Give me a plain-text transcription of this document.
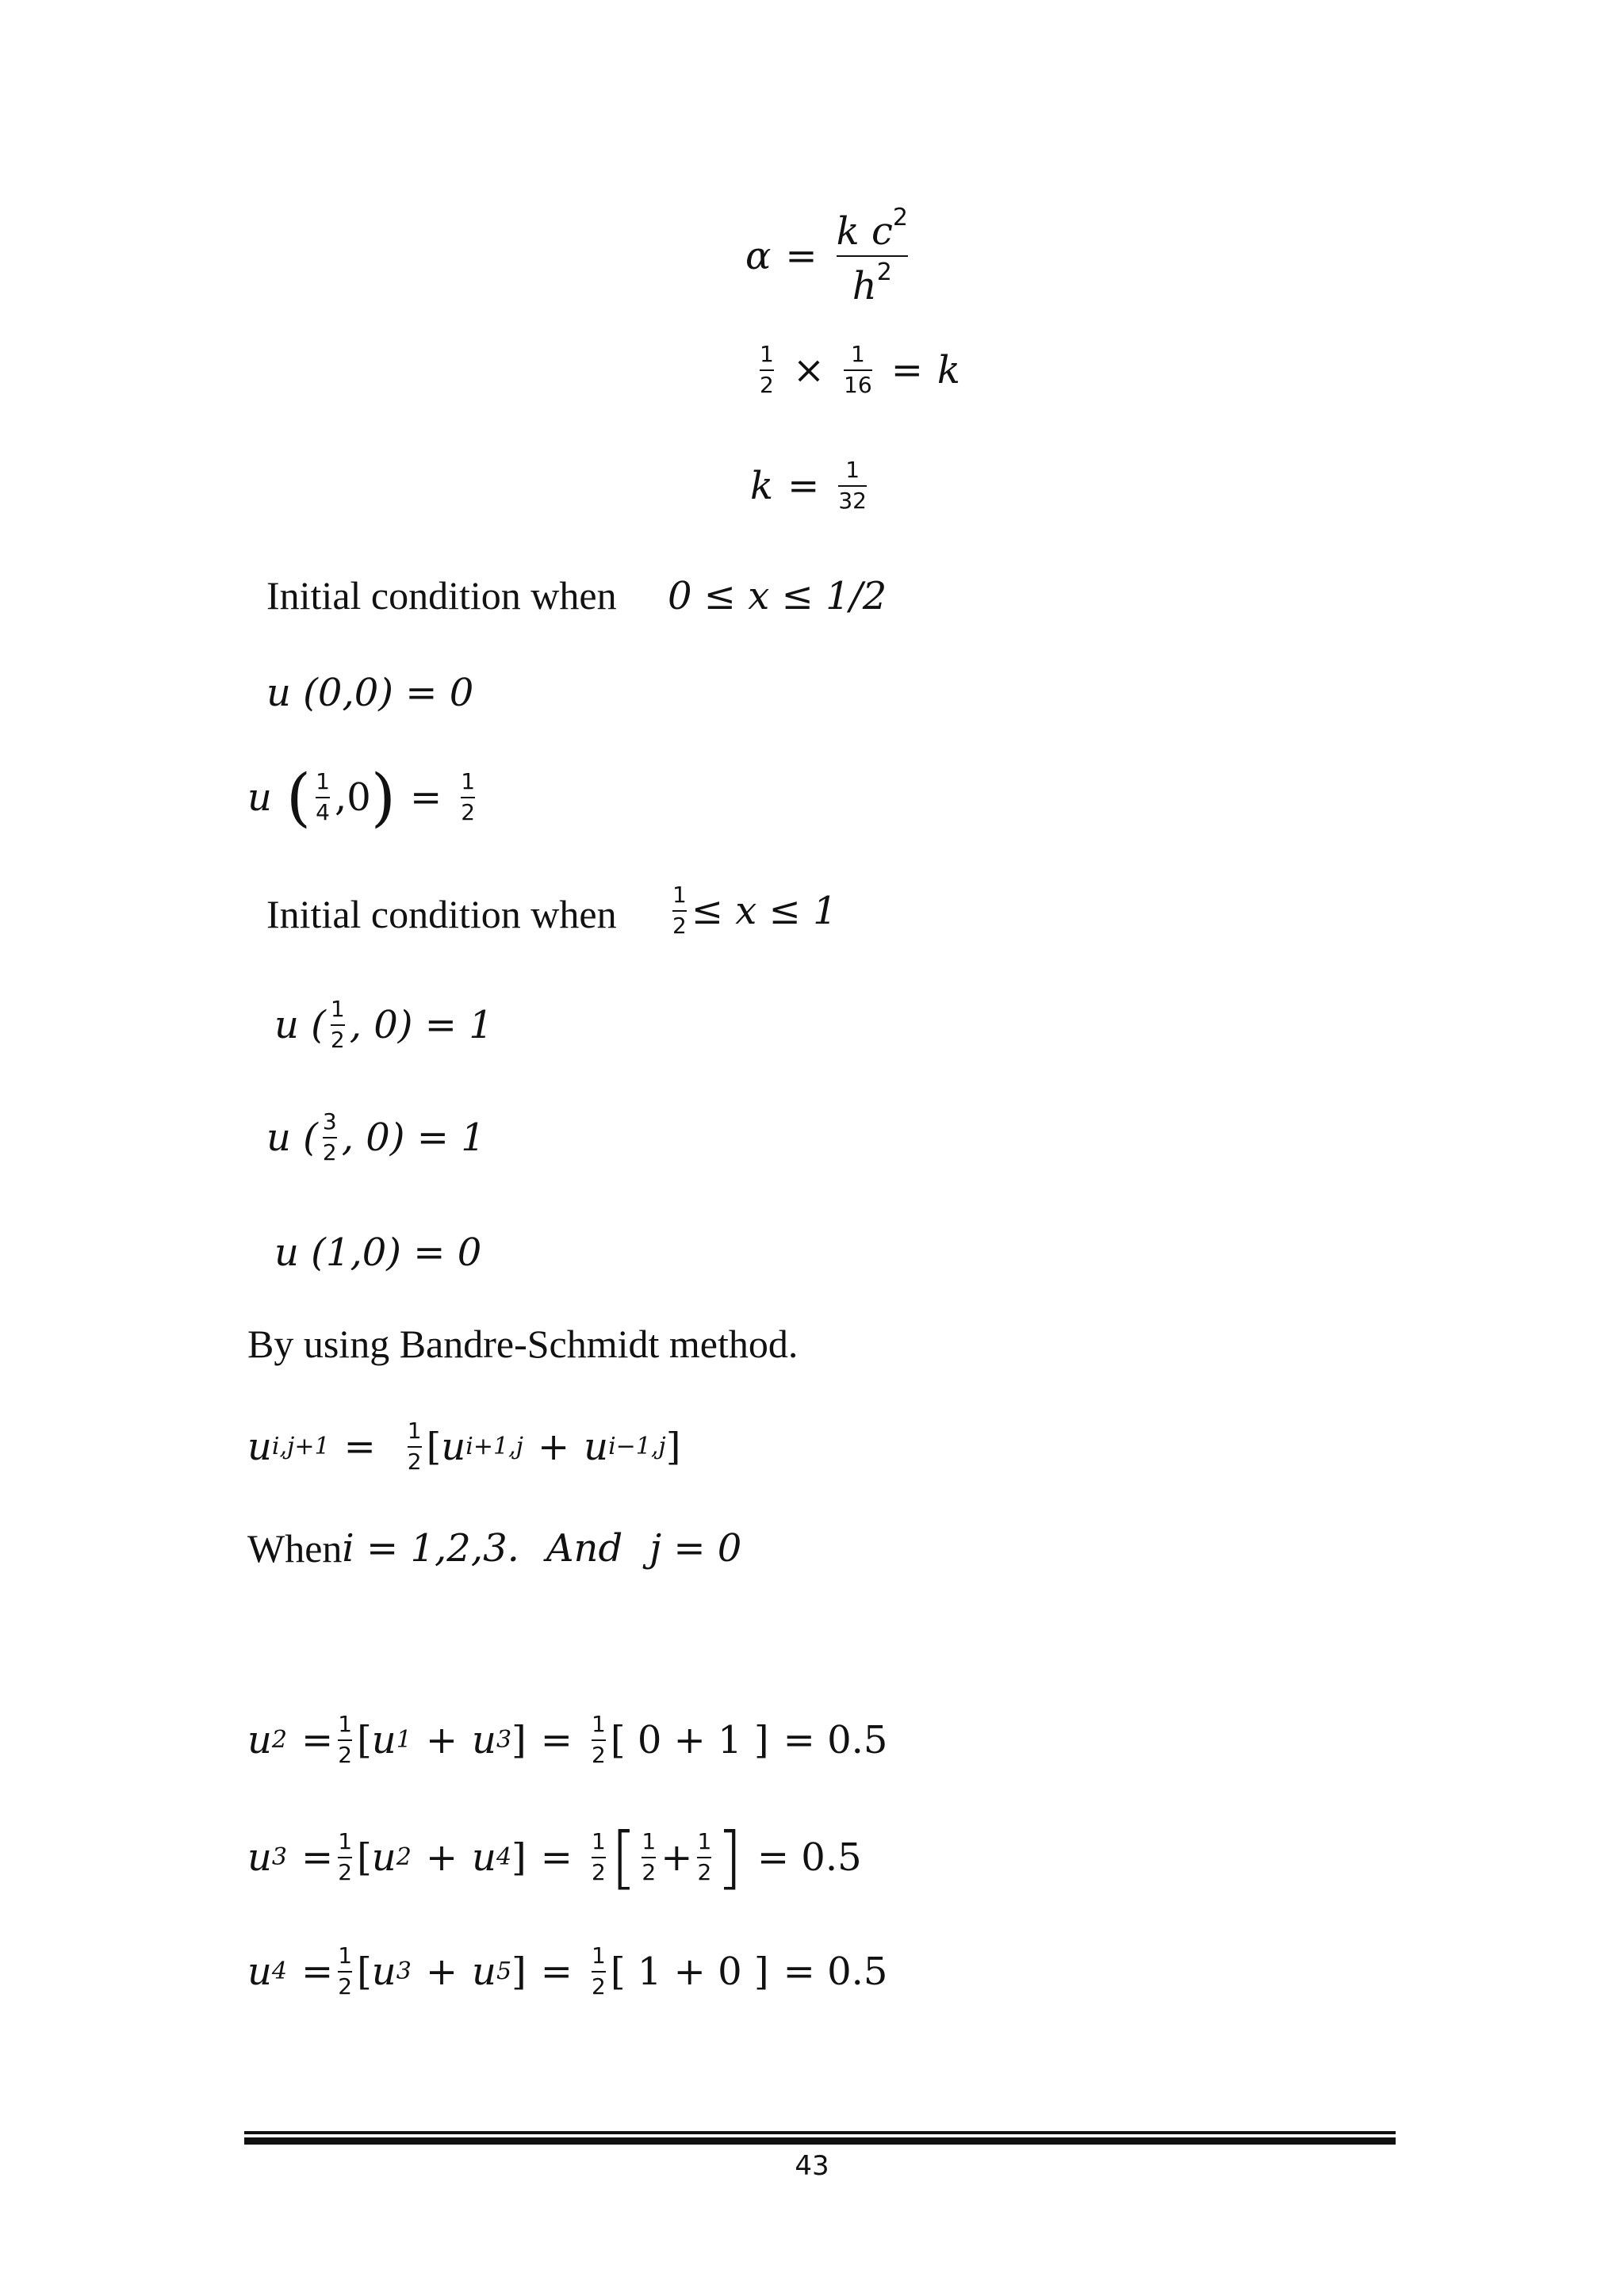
$\alpha = \frac{k c^2}{h^2}$
$\frac{1}{2} \times \frac{1}{16} = k$
$k = \frac{1}{32}$
Initial condition when 0 ≤ 𝑥 ≤ 1/2
𝑢 (0,0) = 0
𝑢 ( $\frac{1}{4} ,0$ ) = $\frac{1}{2}$
Initial condition when	$\frac{1}{2}$ ≤ 𝑥 ≤ 1
𝑢 ( $\frac{1}{2}$ , 0) = 1
𝑢 ( $\frac{3}{2}$ , 0) = 1
𝑢 (1,0) = 0
By using Bandre-Schmidt method.
𝑢 $i,j+1 = \frac{1}{2}$ [ 𝑢 i+1,j + 𝑢 i−1,j ]
When 𝑖 = 1,2,3. 𝐴𝑛𝑑 𝑗 = 0
𝑢 $2 = \frac{1}{2}$ [ 𝑢 1 + 𝑢 3 ] = $\frac{1}{2}$ [ 0 + 1 ] = 0.5
𝑢 $3 = \frac{1}{2}$ [ 𝑢 2 + 𝑢 4 ] = $\frac{1}{2}$ [ $\frac{1}{2} + \frac{1}{2}$ ] = 0.5
𝑢 $4 = \frac{1}{2}$ [ 𝑢 3 + 𝑢 5 ] = $\frac{1}{2}$ [ 1 + 0 ] = 0.5
43
